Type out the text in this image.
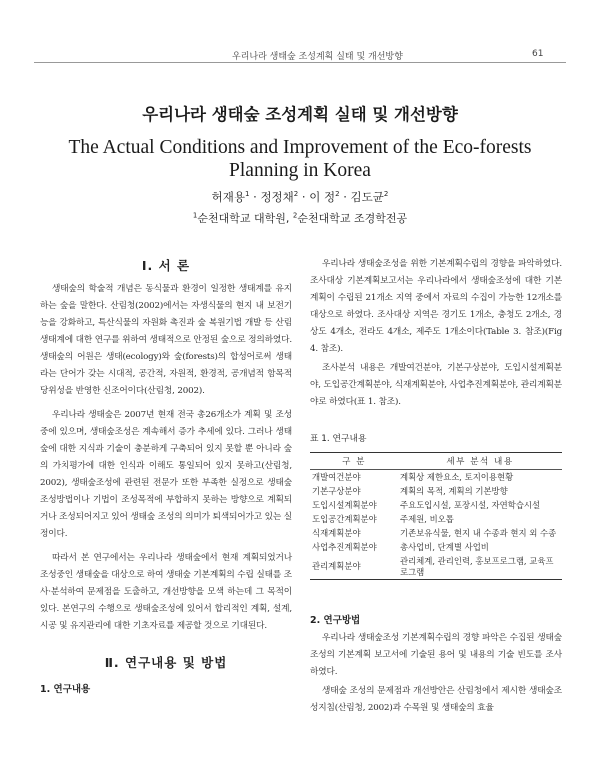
우리나라 생태숲 조성계획 실태 및 개선방향	61
우리나라 생태숲 조성계획 실태 및 개선방향
The Actual Conditions and Improvement of the Eco-forests Planning in Korea
허재용$^1$ · 정정채$^2$ · 이 정$^2$ · 김도균$^2$
$^1$순천대학교 대학원, $^2$순천대학교 조경학전공
Ⅰ. 서 론

생태숲의 학술적 개념은 동식물과 환경이 일정한 생태계를 유지하는 숲을 말한다. 산림청(2002)에서는 자생식물의 현지 내 보전기능을 강화하고, 특산식물의 자원화 촉진과 숲 복원기법 개발 등 산림생태계에 대한 연구를 위하여 생태적으로 안정된 숲으로 정의하였다. 생태숲의 어원은 생태(ecology)와 숲(forests)의 합성어로써 생태라는 단어가 갖는 시대적, 공간적, 자원적, 환경적, 공개념적 함목적 당위성을 반영한 신조어이다(산림청, 2002).

우리나라 생태숲은 2007년 현재 전국 총26개소가 계획 및 조성 중에 있으며, 생태숲조성은 계속해서 증가 추세에 있다. 그러나 생태숲에 대한 지식과 기술이 충분하게 구축되어 있지 못할 뿐 아니라 숲의 가치평가에 대한 인식과 이해도 통일되어 있지 못하고(산림청, 2002), 생태숲조성에 관련된 전문가 또한 부족한 실정으로 생태숲 조성방법이나 기법이 조성목적에 부합하지 못하는 방향으로 계획되거나 조성되어지고 있어 생태숲 조성의 의미가 퇴색되어가고 있는 실정이다.

따라서 본 연구에서는 우리나라 생태숲에서 현재 계획되었거나 조성중인 생태숲을 대상으로 하여 생태숲 기본계획의 수립 실태를 조사·분석하여 문제점을 도출하고, 개선방향을 모색 하는데 그 목적이 있다. 본연구의 수행으로 생태숲조성에 있어서 합리적인 계획, 설계, 시공 및 유지관리에 대한 기초자료를 제공할 것으로 기대된다.

Ⅱ. 연구내용 및 방법
1. 연구내용

우리나라 생태숲조성을 위한 기본계획수립의 경향을 파악하였다. 조사대상 기본계획보고서는 우리나라에서 생태숲조성에 대한 기본계획이 수립된 21개소 지역 중에서 자료의 수집이 가능한 12개소를 대상으로 하였다. 조사대상 지역은 경기도 1개소, 충청도 2개소, 경상도 4개소, 전라도 4개소, 제주도 1개소이다(Table 3. 참조)(Fig 4. 참조).

조사분석 내용은 개발여건분야, 기본구상분야, 도입시설계획분야, 도입공간계획분야, 식재계획분야, 사업추진계획분야, 관리계획분야로 하였다(표 1. 참조).

표 1. 연구내용
구 분	세부 분석 내용
개발여건분야	계획상 제한요소, 토지이용현황
기본구상분야	계획의 목적, 계획의 기본방향
도입시설계획분야	주요도입시설, 포장시설, 자연학습시설
도입공간계획분야	주제원, 비오톱
식재계획분야	기존보유식물, 현지 내 수종과 현지 외 수종
사업추진계획분야	총사업비, 단계별 사업비
관리계획분야	관리체계, 관리인력, 홍보프로그램, 교육프로그램
2. 연구방법

우리나라 생태숲조성 기본계획수립의 경향 파악은 수집된 생태숲조성의 기본계획 보고서에 기술된 용어 및 내용의 기술 빈도를 조사하였다.

생태숲 조성의 문제점과 개선방안은 산림청에서 제시한 생태숲조성지침(산림청, 2002)과 수목원 및 생태숲의 효율
